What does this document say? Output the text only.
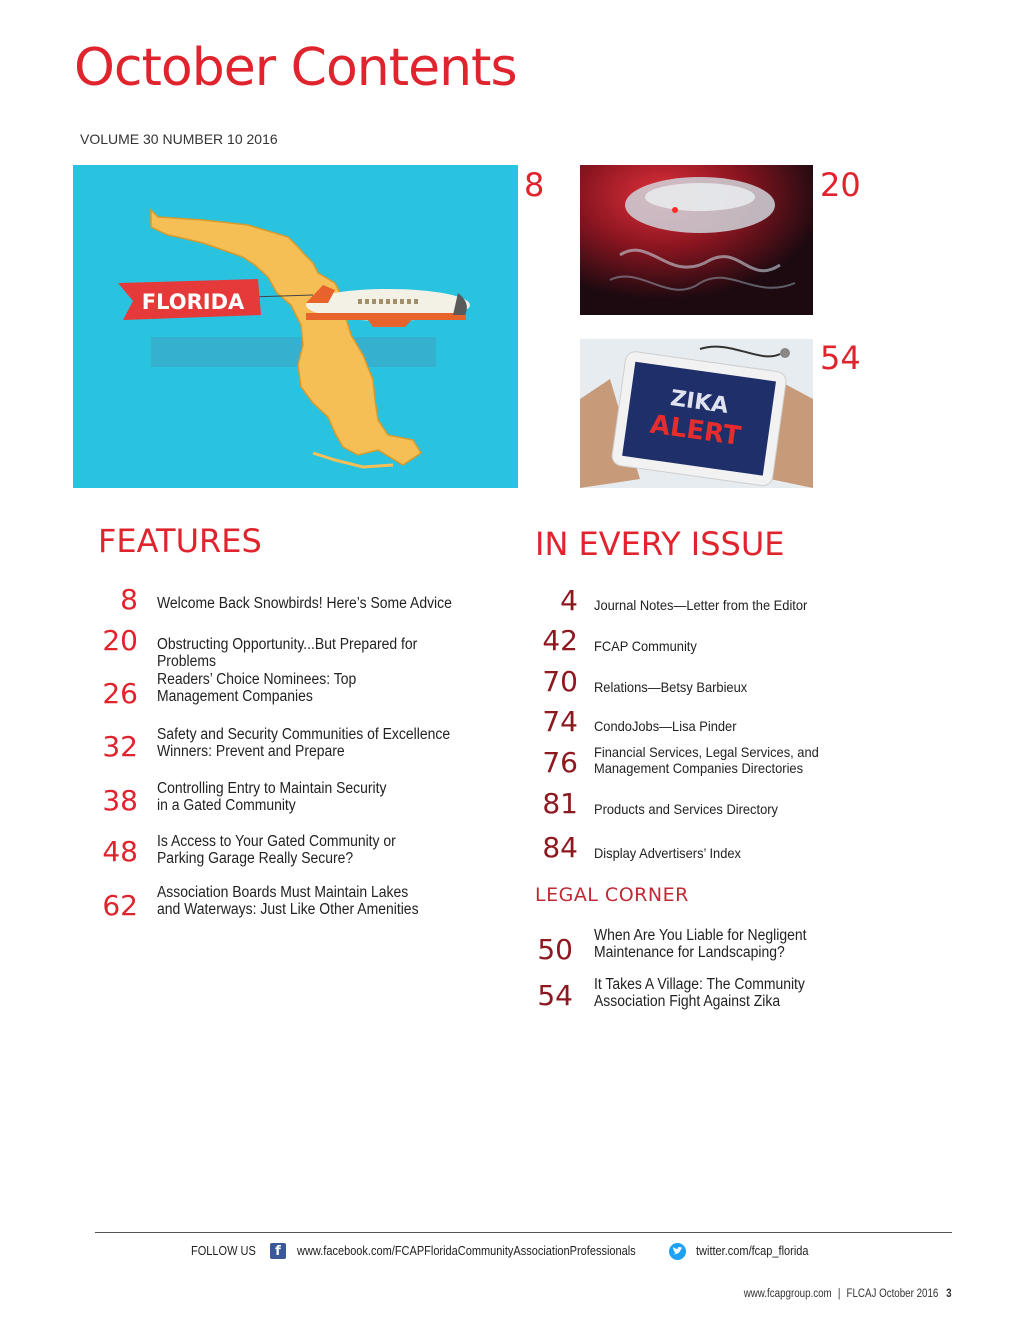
October Contents
VOLUME 30 NUMBER 10 2016
FLORIDA
8	20
ZIKA
ALERT
54
FEATURES
8 Welcome Back Snowbirds! Here’s Some Advice
20 Obstructing Opportunity...But Prepared for Problems
26 Readers’ Choice Nominees: Top
Management Companies
32 Safety and Security Communities of Excellence
Winners: Prevent and Prepare
38 Controlling Entry to Maintain Security
in a Gated Community
48 Is Access to Your Gated Community or
Parking Garage Really Secure?
62 Association Boards Must Maintain Lakes
and Waterways: Just Like Other Amenities
IN EVERY ISSUE
4 Journal Notes—Letter from the Editor
42 FCAP Community
70 Relations—Betsy Barbieux
74 CondoJobs—Lisa Pinder
76 Financial Services, Legal Services, and
Management Companies Directories
81 Products and Services Directory
84 Display Advertisers’ Index
LEGAL CORNER
50 When Are You Liable for Negligent
Maintenance for Landscaping?
54 It Takes A Village: The Community
Association Fight Against Zika
FOLLOW US	f	www.facebook.com/FCAPFloridaCommunityAssociationProfessionals	twitter.com/fcap_florida
www.fcapgroup.com | FLCAJ October 2016 3
